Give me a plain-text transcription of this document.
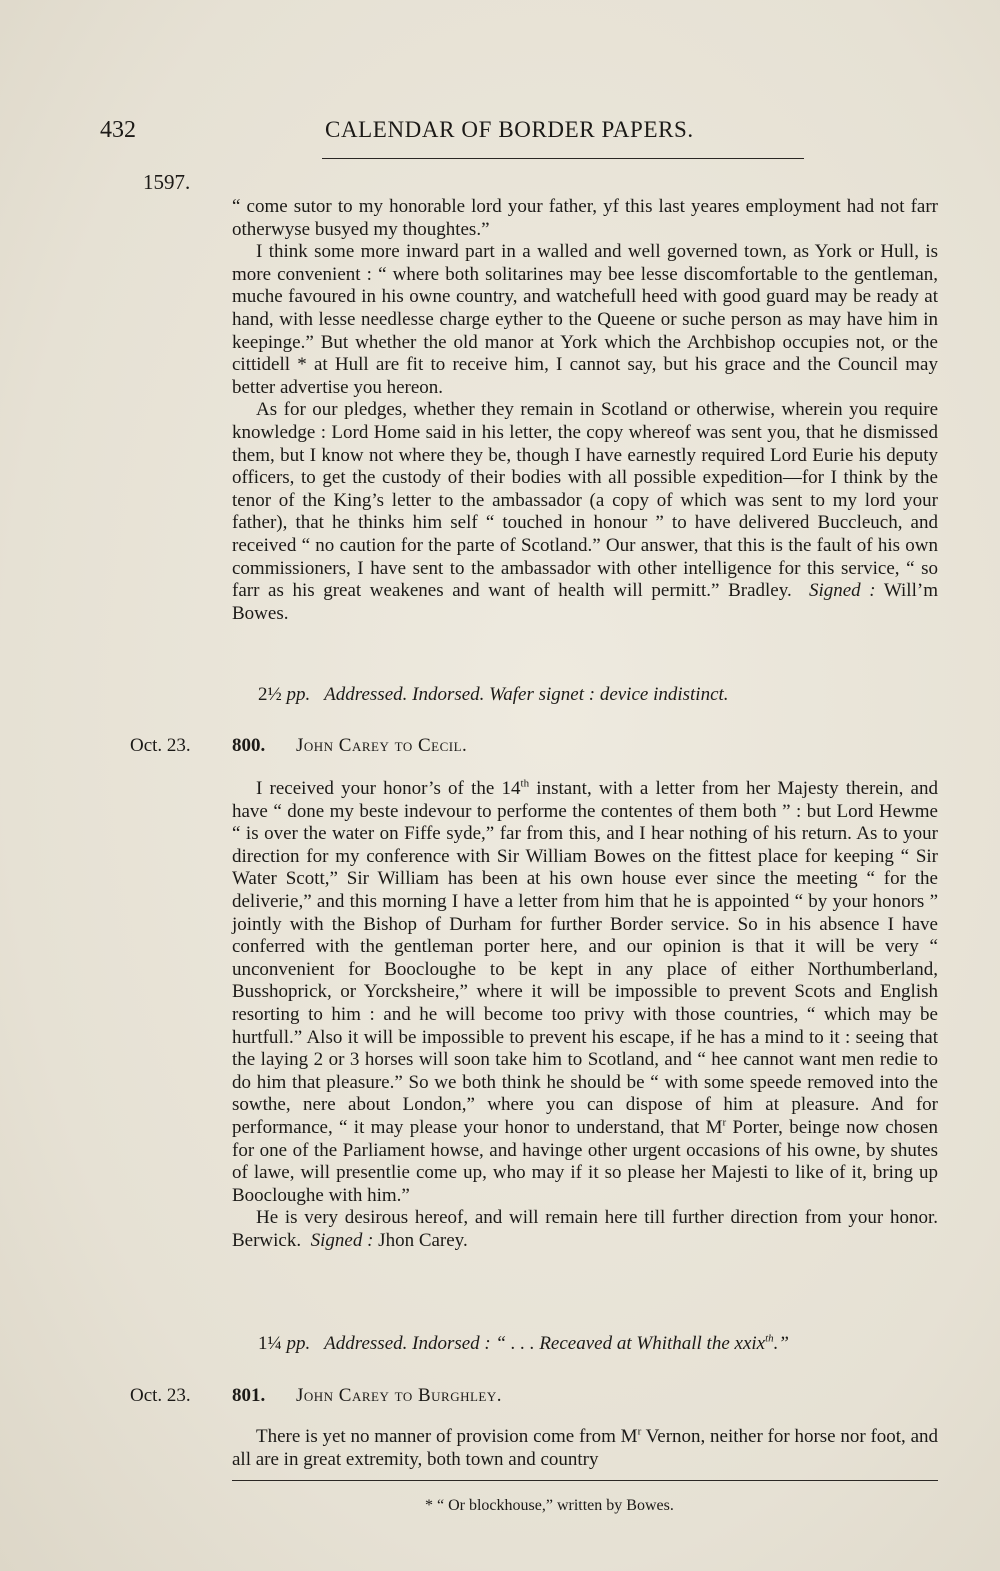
432	CALENDAR OF BORDER PAPERS.
1597.

“ come sutor to my honorable lord your father, yf this last yeares employment had not farr otherwyse busyed my thoughtes.”

I think some more inward part in a walled and well governed town, as York or Hull, is more convenient : “ where both solitarines may bee lesse discomfortable to the gentleman, muche favoured in his owne country, and watchefull heed with good guard may be ready at hand, with lesse needlesse charge eyther to the Queene or suche person as may have him in keepinge.” But whether the old manor at York which the Archbishop occupies not, or the cittidell * at Hull are fit to receive him, I cannot say, but his grace and the Council may better advertise you hereon.

As for our pledges, whether they remain in Scotland or otherwise, wherein you require knowledge : Lord Home said in his letter, the copy whereof was sent you, that he dismissed them, but I know not where they be, though I have earnestly required Lord Eurie his deputy officers, to get the custody of their bodies with all possible expedition—for I think by the tenor of the King’s letter to the ambassador (a copy of which was sent to my lord your father), that he thinks him self “ touched in honour ” to have delivered Buccleuch, and received “ no caution for the parte of Scotland.” Our answer, that this is the fault of his own commissioners, I have sent to the ambassador with other intelligence for this service, “ so farr as his great weakenes and want of health will permitt.” Bradley. Signed : Will’m Bowes.

2½ pp. Addressed. Indorsed. Wafer signet : device indistinct.
Oct. 23. 800. John Carey to Cecil.

I received your honor’s of the 14th instant, with a letter from her Majesty therein, and have “ done my beste indevour to performe the contentes of them both ” : but Lord Hewme “ is over the water on Fiffe syde,” far from this, and I hear nothing of his return. As to your direction for my conference with Sir William Bowes on the fittest place for keeping “ Sir Water Scott,” Sir William has been at his own house ever since the meeting “ for the deliverie,” and this morning I have a letter from him that he is appointed “ by your honors ” jointly with the Bishop of Durham for further Border service. So in his absence I have conferred with the gentleman porter here, and our opinion is that it will be very “ unconvenient for Boocloughe to be kept in any place of either Northumberland, Busshoprick, or Yorcksheire,” where it will be impossible to prevent Scots and English resorting to him : and he will become too privy with those countries, “ which may be hurtfull.” Also it will be impossible to prevent his escape, if he has a mind to it : seeing that the laying 2 or 3 horses will soon take him to Scotland, and “ hee cannot want men redie to do him that pleasure.” So we both think he should be “ with some speede removed into the sowthe, nere about London,” where you can dispose of him at pleasure. And for performance, “ it may please your honor to understand, that $M^r$ Porter, beinge now chosen for one of the Parliament howse, and havinge other urgent occasions of his owne, by shutes of lawe, will presentlie come up, who may if it so please her Majesti to like of it, bring up Boocloughe with him.”

He is very desirous hereof, and will remain here till further direction from your honor. Berwick. Signed : Jhon Carey.

1¼ pp. Addressed. Indorsed : “ . . . Receaved at Whithall the xxix$^{th}$.”
Oct. 23. 801. John Carey to Burghley.

There is yet no manner of provision come from $M^r$ Vernon, neither for horse nor foot, and all are in great extremity, both town and country

* “ Or blockhouse,” written by Bowes.
